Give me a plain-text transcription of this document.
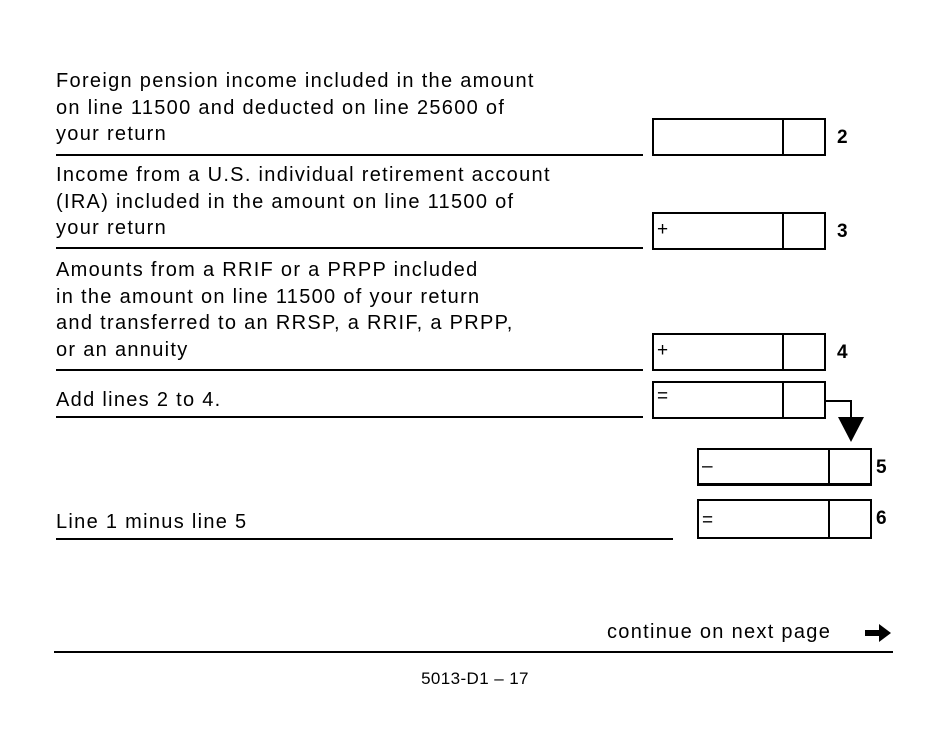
Foreign pension income included in the amount
on line 11500 and deducted on line 25600 of
your return	2

Income from a U.S. individual retirement account
(IRA) included in the amount on line 11500 of
your return	+	3

Amounts from a RRIF or a PRPP included
in the amount on line 11500 of your return
and transferred to an RRSP, a RRIF, a PRPP,
or an annuity	+	4

Add lines 2 to 4.	=
–	5

Line 1 minus line 5	=	6
continue on next page
5013-D1 – 17
